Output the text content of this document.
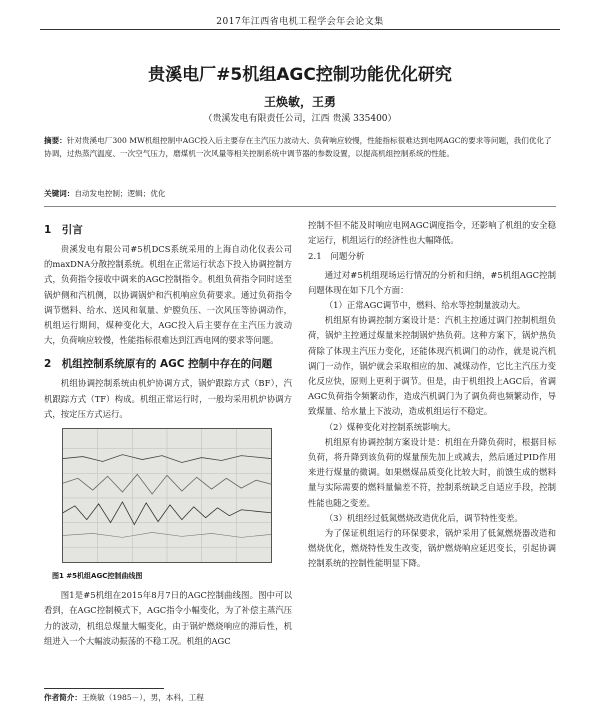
2017年江西省电机工程学会年会论文集
贵溪电厂#5机组AGC控制功能优化研究
王焕敏，王勇
（贵溪发电有限责任公司，江西 贵溪 335400）
摘要：针对贵溪电厂300 MW机组控制中AGC投入后主要存在主汽压力波动大、负荷响应较慢，性能指标很难达到电网AGC的要求等问题，我们优化了协调，过热蒸汽温度、一次空气压力，磨煤机一次风量等相关控制系统中调节器的参数设置，以提高机组控制系统的性能。
关键词：自动发电控制；逻辑；优化
1　引言

贵溪发电有限公司#5机DCS系统采用的上海自动化仪表公司的maxDNA分散控制系统。机组在正常运行状态下投入协调控制方式，负荷指令接收中调来的AGC控制指令。机组负荷指令同时送至锅炉侧和汽机侧，以协调锅炉和汽机响应负荷要求。通过负荷指令调节燃料、给水、送风和氧量、炉膛负压、一次风压等协调动作，机组运行期间，煤种变化大，AGC投入后主要存在主汽压力波动大，负荷响应较慢，性能指标很难达到江西电网的要求等问题。

2　机组控制系统原有的 AGC 控制中存在的问题

机组协调控制系统由机炉协调方式，锅炉跟踪方式（BF），汽机跟踪方式（TF）构成。机组正常运行时，一般均采用机炉协调方式，按定压方式运行。

图1 #5机组AGC控制曲线图

图1是#5机组在2015年8月7日的AGC控制曲线图。图中可以看到，在AGC控制模式下，AGC指令小幅变化，为了补偿主蒸汽压力的波动，机组总煤量大幅变化，由于锅炉燃烧响应的滞后性，机组进入一个大幅波动振荡的不稳工况。机组的AGC

控制不但不能及时响应电网AGC调度指令，还影响了机组的安全稳定运行，机组运行的经济性也大幅降低。

2.1　问题分析

通过对#5机组现场运行情况的分析和归纳，#5机组AGC控制问题体现在如下几个方面：

（1）正常AGC调节中，燃料、给水等控制量波动大。

机组原有协调控制方案设计是：汽机主控通过调门控制机组负荷，锅炉主控通过煤量来控制锅炉热负荷。这种方案下，锅炉热负荷除了体现主汽压力变化，还能体现汽机调门的动作，就是说汽机调门一动作，锅炉就会采取相应的加、减煤动作，它比主汽压力变化反应快，原则上更利于调节。但是，由于机组投上AGC后，省调AGC负荷指令频繁动作，造成汽机调门为了调负荷也频繁动作，导致煤量、给水量上下波动，造成机组运行不稳定。

（2）煤种变化对控制系统影响大。

机组原有协调控制方案设计是：机组在升降负荷时，根据目标负荷，将升降到该负荷的煤量预先加上或减去，然后通过PID作用来进行煤量的微调。如果燃煤品质变化比较大时，前馈生成的燃料量与实际需要的燃料量偏差不符，控制系统缺乏自适应手段，控制性能也随之变差。

（3）机组经过低氮燃烧改造优化后，调节特性变差。

为了保证机组运行的环保要求，锅炉采用了低氮燃烧器改造和燃烧优化，燃烧特性发生改变，锅炉燃烧响应延迟变长，引起协调控制系统的控制性能明显下降。

作者简介：王焕敏（1985－），男，本科，工程
